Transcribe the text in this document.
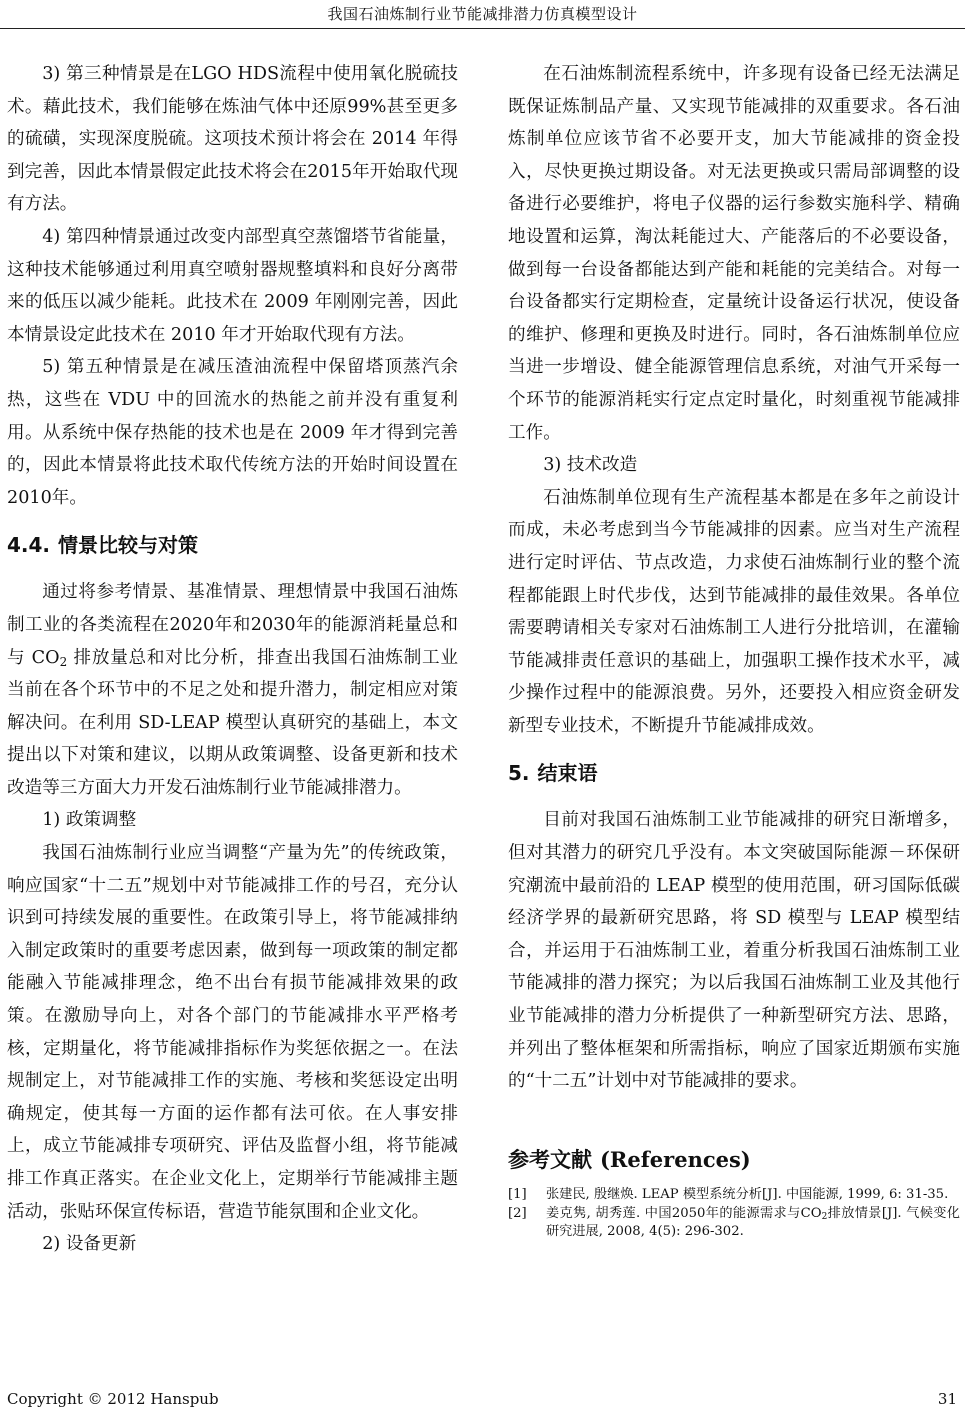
我国石油炼制行业节能减排潜力仿真模型设计

3) 第三种情景是在LGO HDS流程中使用氧化脱硫技术。藉此技术，我们能够在炼油气体中还原99%甚至更多的硫磺，实现深度脱硫。这项技术预计将会在 2014 年得到完善，因此本情景假定此技术将会在2015年开始取代现有方法。

4) 第四种情景通过改变内部型真空蒸馏塔节省能量，这种技术能够通过利用真空喷射器规整填料和良好分离带来的低压以减少能耗。此技术在 2009 年刚刚完善，因此本情景设定此技术在 2010 年才开始取代现有方法。

5) 第五种情景是在减压渣油流程中保留塔顶蒸汽余热，这些在 VDU 中的回流水的热能之前并没有重复利用。从系统中保存热能的技术也是在 2009 年才得到完善的，因此本情景将此技术取代传统方法的开始时间设置在2010年。

4.4. 情景比较与对策

通过将参考情景、基准情景、理想情景中我国石油炼制工业的各类流程在2020年和2030年的能源消耗量总和与 $CO_2$ 排放量总和对比分析，排查出我国石油炼制工业当前在各个环节中的不足之处和提升潜力，制定相应对策解决问。在利用 SD-LEAP 模型认真研究的基础上，本文提出以下对策和建议，以期从政策调整、设备更新和技术改造等三方面大力开发石油炼制行业节能减排潜力。

1) 政策调整

我国石油炼制行业应当调整“产量为先”的传统政策，响应国家“十二五”规划中对节能减排工作的号召，充分认识到可持续发展的重要性。在政策引导上，将节能减排纳入制定政策时的重要考虑因素，做到每一项政策的制定都能融入节能减排理念，绝不出台有损节能减排效果的政策。在激励导向上，对各个部门的节能减排水平严格考核，定期量化，将节能减排指标作为奖惩依据之一。在法规制定上，对节能减排工作的实施、考核和奖惩设定出明确规定，使其每一方面的运作都有法可依。在人事安排上，成立节能减排专项研究、评估及监督小组，将节能减排工作真正落实。在企业文化上，定期举行节能减排主题活动，张贴环保宣传标语，营造节能氛围和企业文化。

2) 设备更新

在石油炼制流程系统中，许多现有设备已经无法满足既保证炼制品产量、又实现节能减排的双重要求。各石油炼制单位应该节省不必要开支，加大节能减排的资金投入，尽快更换过期设备。对无法更换或只需局部调整的设备进行必要维护，将电子仪器的运行参数实施科学、精确地设置和运算，淘汰耗能过大、产能落后的不必要设备，做到每一台设备都能达到产能和耗能的完美结合。对每一台设备都实行定期检查，定量统计设备运行状况，使设备的维护、修理和更换及时进行。同时，各石油炼制单位应当进一步增设、健全能源管理信息系统，对油气开采每一个环节的能源消耗实行定点定时量化，时刻重视节能减排工作。

3) 技术改造

石油炼制单位现有生产流程基本都是在多年之前设计而成，未必考虑到当今节能减排的因素。应当对生产流程进行定时评估、节点改造，力求使石油炼制行业的整个流程都能跟上时代步伐，达到节能减排的最佳效果。各单位需要聘请相关专家对石油炼制工人进行分批培训，在灌输节能减排责任意识的基础上，加强职工操作技术水平，减少操作过程中的能源浪费。另外，还要投入相应资金研发新型专业技术，不断提升节能减排成效。

5. 结束语

目前对我国石油炼制工业节能减排的研究日渐增多，但对其潜力的研究几乎没有。本文突破国际能源－环保研究潮流中最前沿的 LEAP 模型的使用范围，研习国际低碳经济学界的最新研究思路，将 SD 模型与 LEAP 模型结合，并运用于石油炼制工业，着重分析我国石油炼制工业节能减排的潜力探究；为以后我国石油炼制工业及其他行业节能减排的潜力分析提供了一种新型研究方法、思路，并列出了整体框架和所需指标，响应了国家近期颁布实施的“十二五”计划中对节能减排的要求。

参考文献 (References)
[1]	张建民, 殷继焕. LEAP 模型系统分析[J]. 中国能源, 1999, 6: 31-35.
[2]	姜克隽, 胡秀莲. 中国2050年的能源需求与$CO_2$排放情景[J]. 气候变化研究进展, 2008, 4(5): 296-302.
Copyright © 2012 Hanspub	31
